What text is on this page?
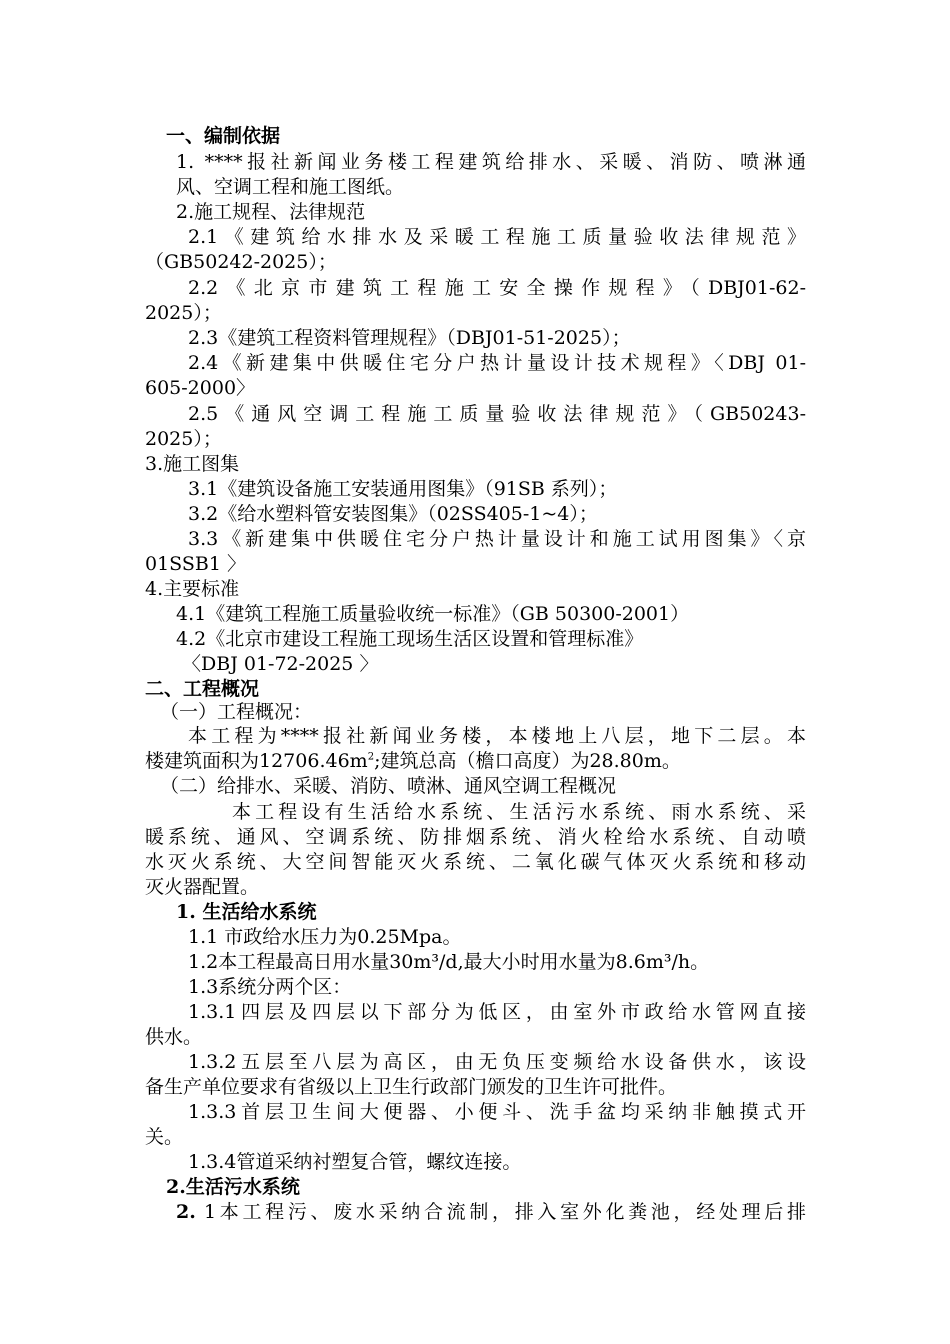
一、编制依据
1. ****报社新闻业务楼工程建筑给排水、采暖、消防、喷淋通
风、空调工程和施工图纸。
2.施工规程、法律规范
2.1《建筑给水排水及采暖工程施工质量验收法律规范》
（GB50242-2025）；
2.2《北京市建筑工程施工安全操作规程》（DBJ01-62-
2025）；
2.3《建筑工程资料管理规程》（DBJ01-51-2025）；
2.4《新建集中供暖住宅分户热计量设计技术规程》〈DBJ 01-
605-2000〉
2.5《通风空调工程施工质量验收法律规范》（GB50243-
2025）；
3.施工图集
3.1《建筑设备施工安装通用图集》（91SB 系列）；
3.2《给水塑料管安装图集》（02SS405-1~4）；
3.3《新建集中供暖住宅分户热计量设计和施工试用图集》〈京
01SSB1 〉
4.主要标准
4.1《建筑工程施工质量验收统一标准》（GB 50300-2001）
4.2《北京市建设工程施工现场生活区设置和管理标准》
〈DBJ 01-72-2025 〉
二、工程概况
（一）工程概况：
本工程为****报社新闻业务楼，本楼地上八层，地下二层。本
楼建筑面积为$12706.46m^2$;建筑总高（檐口高度）为28.80m。
（二）给排水、采暖、消防、喷淋、通风空调工程概况
本工程设有生活给水系统、生活污水系统、雨水系统、采
暖系统、通风、空调系统、防排烟系统、消火栓给水系统、自动喷
水灭火系统、大空间智能灭火系统、二氧化碳气体灭火系统和移动
灭火器配置。
1. 生活给水系统
1.1 市政给水压力为0.25Mpa。
1.2本工程最高日用水量30m³/d,最大小时用水量为8.6m³/h。
1.3系统分两个区：
1.3.1四层及四层以下部分为低区，由室外市政给水管网直接
供水。
1.3.2五层至八层为高区，由无负压变频给水设备供水，该设
备生产单位要求有省级以上卫生行政部门颁发的卫生许可批件。
1.3.3首层卫生间大便器、小便斗、洗手盆均采纳非触摸式开
关。
1.3.4管道采纳衬塑复合管，螺纹连接。
2.生活污水系统
2. 1本工程污、废水采纳合流制，排入室外化粪池，经处理后排
